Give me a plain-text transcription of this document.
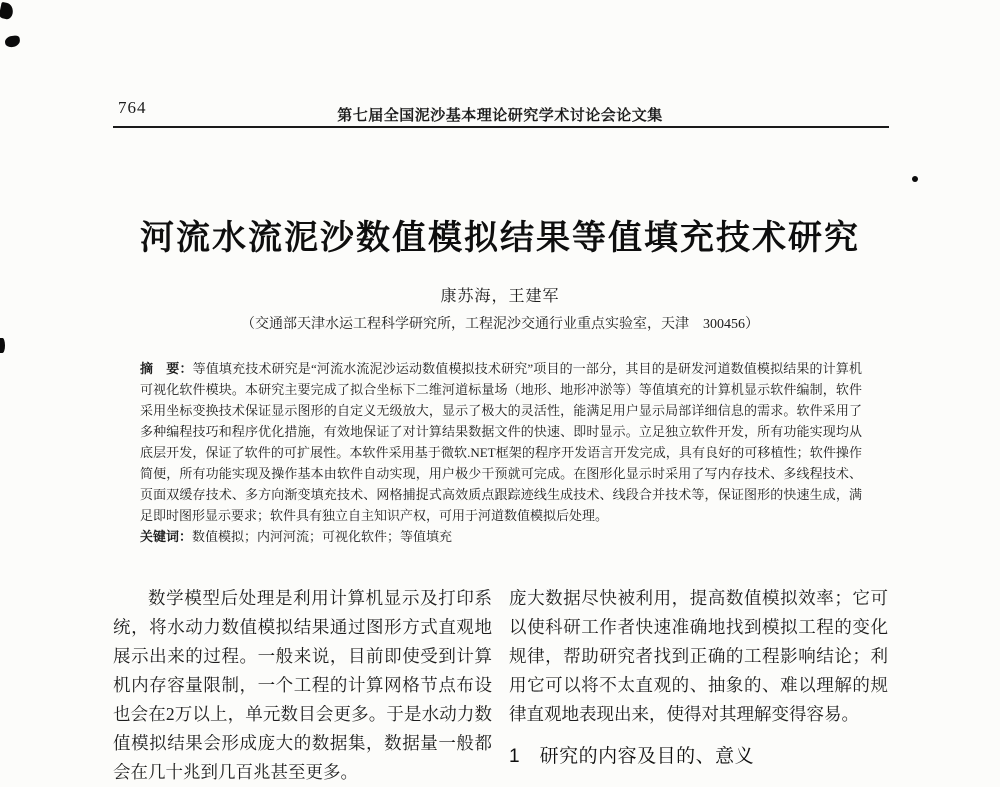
764	第七届全国泥沙基本理论研究学术讨论会论文集
河流水流泥沙数值模拟结果等值填充技术研究
康苏海，王建军
（交通部天津水运工程科学研究所，工程泥沙交通行业重点实验室，天津　300456）

摘　要：等值填充技术研究是“河流水流泥沙运动数值模拟技术研究”项目的一部分，其目的是研发河道数值模拟结果的计算机可视化软件模块。本研究主要完成了拟合坐标下二维河道标量场（地形、地形冲淤等）等值填充的计算机显示软件编制，软件采用坐标变换技术保证显示图形的自定义无级放大，显示了极大的灵活性，能满足用户显示局部详细信息的需求。软件采用了多种编程技巧和程序优化措施，有效地保证了对计算结果数据文件的快速、即时显示。立足独立软件开发，所有功能实现均从底层开发，保证了软件的可扩展性。本软件采用基于微软.NET框架的程序开发语言开发完成，具有良好的可移植性；软件操作简便，所有功能实现及操作基本由软件自动实现，用户极少干预就可完成。在图形化显示时采用了写内存技术、多线程技术、页面双缓存技术、多方向渐变填充技术、网格捕捉式高效质点跟踪迹线生成技术、线段合并技术等，保证图形的快速生成，满足即时图形显示要求；软件具有独立自主知识产权，可用于河道数值模拟后处理。

关键词：数值模拟；内河河流；可视化软件；等值填充

数学模型后处理是利用计算机显示及打印系统，将水动力数值模拟结果通过图形方式直观地展示出来的过程。一般来说，目前即使受到计算机内存容量限制，一个工程的计算网格节点布设也会在2万以上，单元数目会更多。于是水动力数值模拟结果会形成庞大的数据集，数据量一般都会在几十兆到几百兆甚至更多。

庞大数据尽快被利用，提高数值模拟效率；它可以使科研工作者快速准确地找到模拟工程的变化规律，帮助研究者找到正确的工程影响结论；利用它可以将不太直观的、抽象的、难以理解的规律直观地表现出来，使得对其理解变得容易。

1　研究的内容及目的、意义
